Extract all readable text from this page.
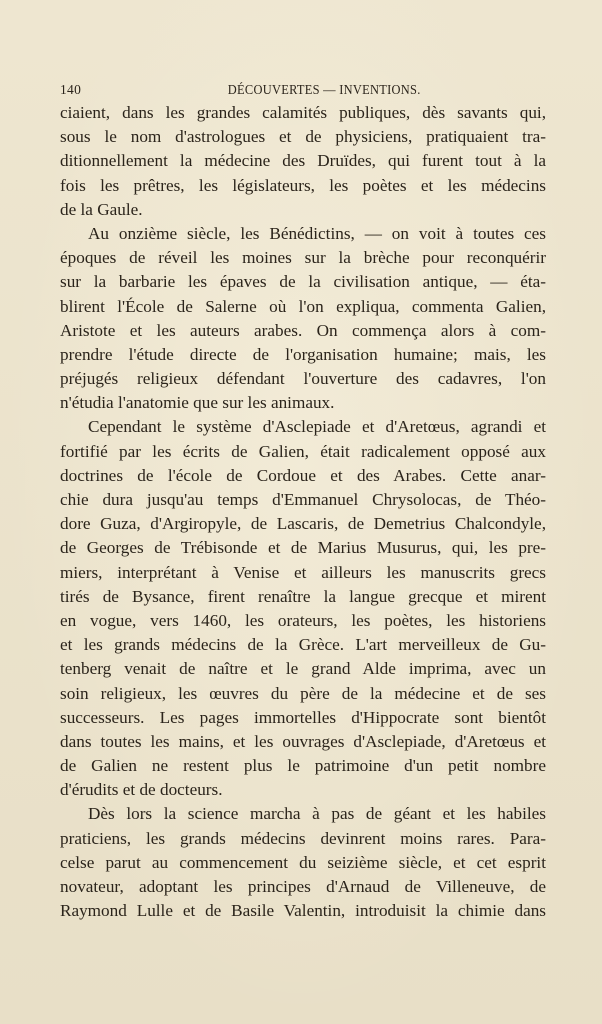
140	DÉCOUVERTES — INVENTIONS.
ciaient, dans les grandes calamités publiques, dès savants qui,
sous le nom d'astrologues et de physiciens, pratiquaient tra-
ditionnellement la médecine des Druïdes, qui furent tout à la
fois les prêtres, les législateurs, les poètes et les médecins
de la Gaule.
Au onzième siècle, les Bénédictins, — on voit à toutes ces
époques de réveil les moines sur la brèche pour reconquérir
sur la barbarie les épaves de la civilisation antique, — éta-
blirent l'École de Salerne où l'on expliqua, commenta Galien,
Aristote et les auteurs arabes. On commença alors à com-
prendre l'étude directe de l'organisation humaine; mais, les
préjugés religieux défendant l'ouverture des cadavres, l'on
n'étudia l'anatomie que sur les animaux.
Cependant le système d'Asclepiade et d'Aretœus, agrandi et
fortifié par les écrits de Galien, était radicalement opposé aux
doctrines de l'école de Cordoue et des Arabes. Cette anar-
chie dura jusqu'au temps d'Emmanuel Chrysolocas, de Théo-
dore Guza, d'Argiropyle, de Lascaris, de Demetrius Chalcondyle,
de Georges de Trébisonde et de Marius Musurus, qui, les pre-
miers, interprétant à Venise et ailleurs les manuscrits grecs
tirés de Bysance, firent renaître la langue grecque et mirent
en vogue, vers 1460, les orateurs, les poètes, les historiens
et les grands médecins de la Grèce. L'art merveilleux de Gu-
tenberg venait de naître et le grand Alde imprima, avec un
soin religieux, les œuvres du père de la médecine et de ses
successeurs. Les pages immortelles d'Hippocrate sont bientôt
dans toutes les mains, et les ouvrages d'Asclepiade, d'Aretœus et
de Galien ne restent plus le patrimoine d'un petit nombre
d'érudits et de docteurs.
Dès lors la science marcha à pas de géant et les habiles
praticiens, les grands médecins devinrent moins rares. Para-
celse parut au commencement du seizième siècle, et cet esprit
novateur, adoptant les principes d'Arnaud de Villeneuve, de
Raymond Lulle et de Basile Valentin, introduisit la chimie dans
